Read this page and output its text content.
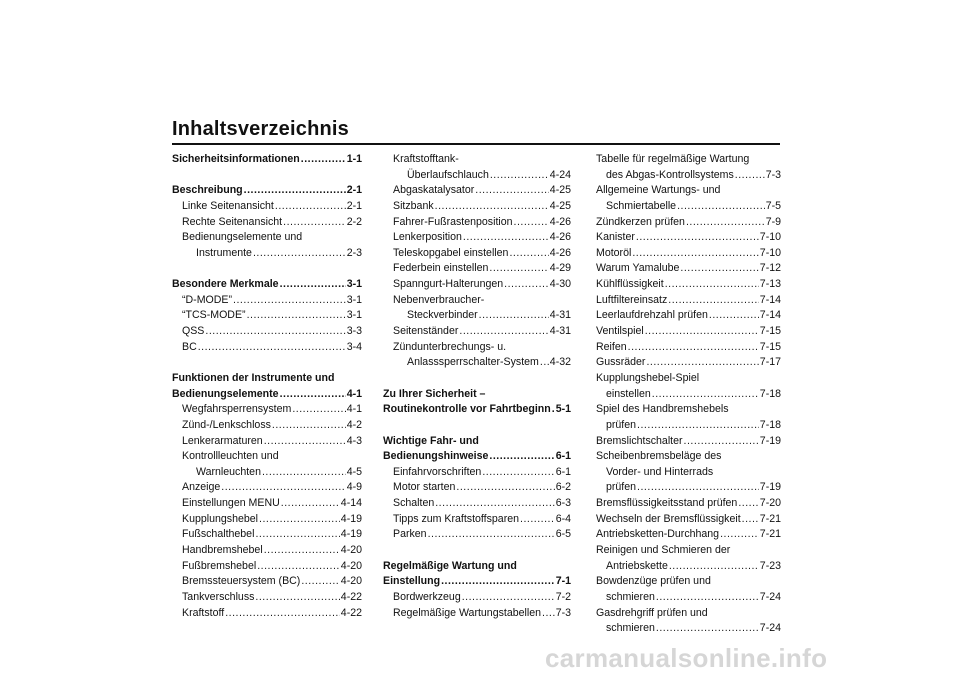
Inhaltsverzeichnis
Sicherheitsinformationen .....	1-1
Beschreibung .....	2-1
Linke Seitenansicht .....	2-1
Rechte Seitenansicht .....	2-2
Bedienungselemente und
Instrumente .....	2-3
Besondere Merkmale .....	3-1
“D-MODE” .....	3-1
“TCS-MODE” .....	3-1
QSS .....	3-3
BC .....	3-4
Funktionen der Instrumente und
Bedienungselemente .....	4-1
Wegfahrsperrensystem .....	4-1
Zünd-/Lenkschloss .....	4-2
Lenkerarmaturen .....	4-3
Kontrollleuchten und
Warnleuchten .....	4-5
Anzeige .....	4-9
Einstellungen MENU .....	4-14
Kupplungshebel .....	4-19
Fußschalthebel .....	4-19
Handbremshebel .....	4-20
Fußbremshebel .....	4-20
Bremssteuersystem (BC) .....	4-20
Tankverschluss .....	4-22
Kraftstoff .....	4-22
Kraftstofftank-
Überlaufschlauch .....	4-24
Abgaskatalysator .....	4-25
Sitzbank .....	4-25
Fahrer-Fußrastenposition .....	4-26
Lenkerposition .....	4-26
Teleskopgabel einstellen .....	4-26
Federbein einstellen .....	4-29
Spanngurt-Halterungen .....	4-30
Nebenverbraucher-
Steckverbinder .....	4-31
Seitenständer .....	4-31
Zündunterbrechungs- u.
Anlasssperrschalter-System ..... 4-32
Zu Ihrer Sicherheit –
Routinekontrolle vor Fahrtbeginn ..... 5-1
Wichtige Fahr- und
Bedienungshinweise .....	6-1
Einfahrvorschriften .....	6-1
Motor starten .....	6-2
Schalten .....	6-3
Tipps zum Kraftstoffsparen .....	6-4
Parken .....	6-5
Regelmäßige Wartung und
Einstellung .....	7-1
Bordwerkzeug .....	7-2
Regelmäßige Wartungstabellen ..... 7-3
Tabelle für regelmäßige Wartung
des Abgas-Kontrollsystems .....	7-3
Allgemeine Wartungs- und
Schmiertabelle .....	7-5
Zündkerzen prüfen .....	7-9
Kanister .....	7-10
Motoröl .....	7-10
Warum Yamalube .....	7-12
Kühlflüssigkeit .....	7-13
Luftfiltereinsatz .....	7-14
Leerlaufdrehzahl prüfen .....	7-14
Ventilspiel .....	7-15
Reifen .....	7-15
Gussräder .....	7-17
Kupplungshebel-Spiel
einstellen .....	7-18
Spiel des Handbremshebels
prüfen .....	7-18
Bremslichtschalter .....	7-19
Scheibenbremsbeläge des
Vorder- und Hinterrads
prüfen .....	7-19
Bremsflüssigkeitsstand prüfen ..... 7-20
Wechseln der Bremsflüssigkeit ..... 7-21
Antriebsketten-Durchhang .....	7-21
Reinigen und Schmieren der
Antriebskette .....	7-23
Bowdenzüge prüfen und
schmieren .....	7-24
Gasdrehgriff prüfen und
schmieren .....	7-24
carmanualsonline.info
